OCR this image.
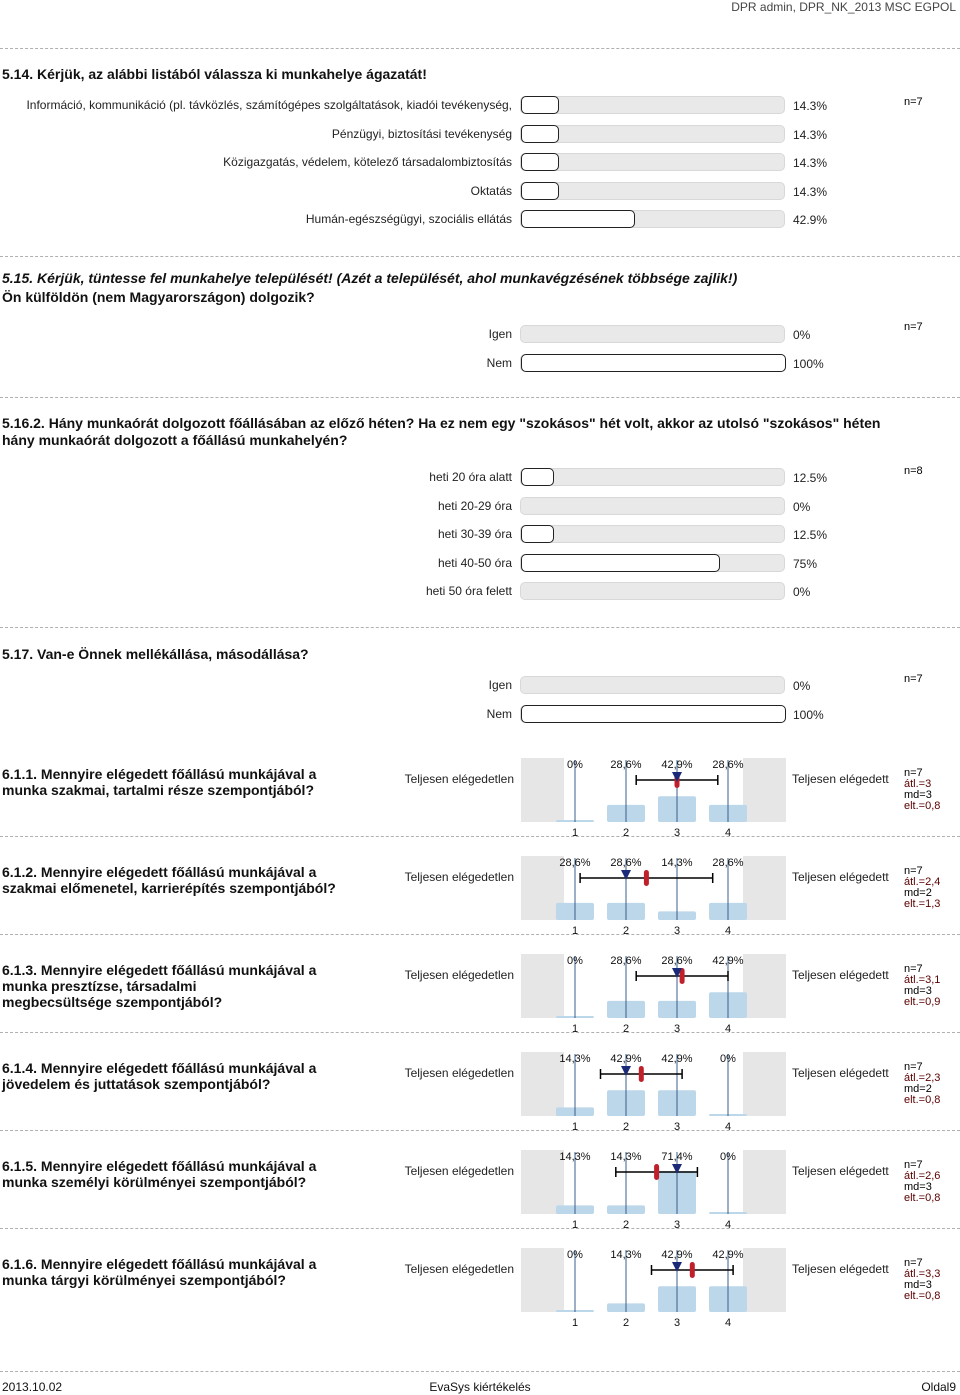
DPR admin, DPR_NK_2013 MSC EGPOL
5.14. Kérjük, az alábbi listából válassza ki munkahelye ágazatát!
n=7
Információ, kommunikáció (pl. távközlés, számítógépes szolgáltatások, kiadói tevékenység,	14.3%
Pénzügyi, biztosítási tevékenység	14.3%
Közigazgatás, védelem, kötelező társadalombiztosítás	14.3%
Oktatás	14.3%
Humán-egészségügyi, szociális ellátás	42.9%
5.15. Kérjük, tüntesse fel munkahelye települését! (Azét a települését, ahol munkavégzésének többsége zajlik!)
Ön külföldön (nem Magyarországon) dolgozik?
n=7
Igen	0%
Nem	100%
5.16.2. Hány munkaórát dolgozott főállásában az előző héten? Ha ez nem egy "szokásos" hét volt, akkor az utolsó "szokásos" héten
hány munkaórát dolgozott a főállású munkahelyén?
n=8
heti 20 óra alatt	12.5%
heti 20-29 óra	0%
heti 30-39 óra	12.5%
heti 40-50 óra	75%
heti 50 óra felett	0%
5.17. Van-e Önnek mellékállása, másodállása?
n=7
Igen	0%
Nem	100%
6.1.1. Mennyire elégedett főállású munkájával a
munka szakmai, tartalmi része szempontjából?
Teljesen elégedetlen	Teljesen elégedett n=7
átl.=3
md=3
elt.=0,8
0% 28,6% 42,9% 28,6%
1	2	3	4
6.1.2. Mennyire elégedett főállású munkájával a
szakmai előmenetel, karrierépítés szempontjából?
Teljesen elégedetlen	Teljesen elégedett n=7
átl.=2,4
md=2
elt.=1,3
28,6% 28,6% 14,3% 28,6%
1	2	3	4
6.1.3. Mennyire elégedett főállású munkájával a
munka presztízse, társadalmi
megbecsültsége szempontjából?
Teljesen elégedetlen	Teljesen elégedett n=7
átl.=3,1
md=3
elt.=0,9
0% 28,6% 28,6% 42,9%
1	2	3	4
6.1.4. Mennyire elégedett főállású munkájával a
jövedelem és juttatások szempontjából?
Teljesen elégedetlen	Teljesen elégedett n=7
átl.=2,3
md=2
elt.=0,8
14,3% 42,9% 42,9% 0%
1	2	3	4
6.1.5. Mennyire elégedett főállású munkájával a
munka személyi körülményei szempontjából?
Teljesen elégedetlen	Teljesen elégedett n=7
átl.=2,6
md=3
elt.=0,8
14,3% 14,3% 71,4% 0%
1	2	3	4
6.1.6. Mennyire elégedett főállású munkájával a
munka tárgyi körülményei szempontjából?
Teljesen elégedetlen	Teljesen elégedett n=7
átl.=3,3
md=3
elt.=0,8
0% 14,3% 42,9% 42,9%
1	2	3	4
2013.10.02	EvaSys kiértékelés	Oldal9
